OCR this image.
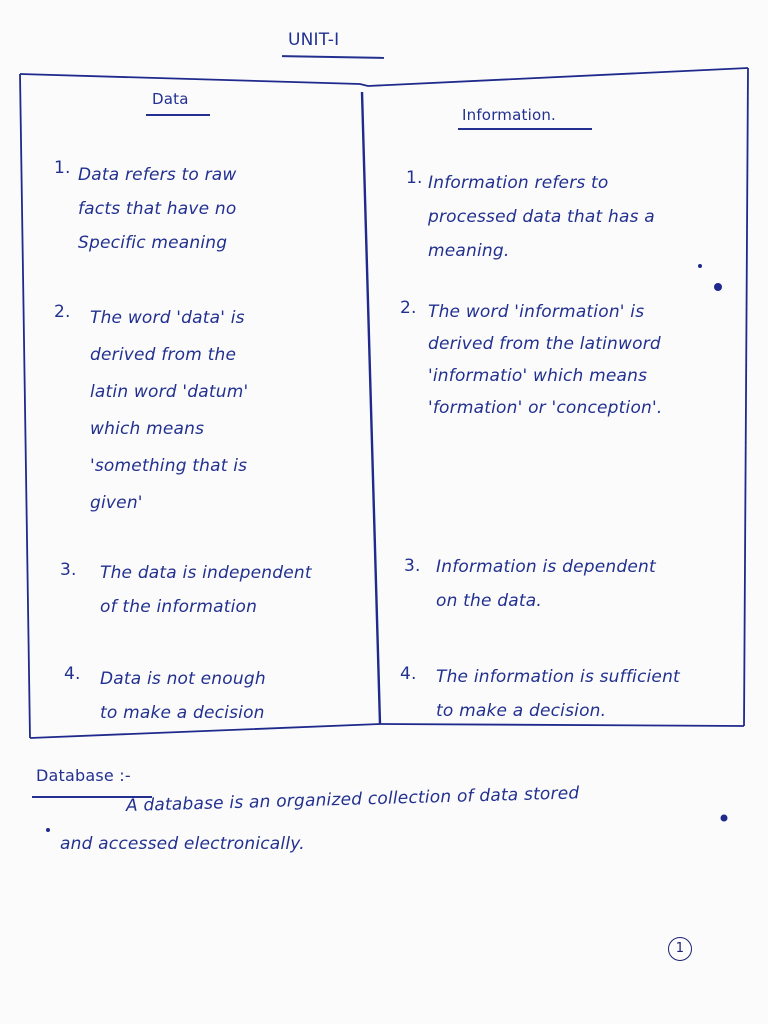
UNIT-I
Data
Information.
1. Data refers to raw
facts that have no
Specific meaning
1. Information refers to
processed data that has a
meaning.
2. The word 'data' is
derived from the
latin word 'datum'
which means
'something that is
given'
2. The word 'information' is
derived from the latinword
'informatio' which means
'formation' or 'conception'.
3. The data is independent
of the information
3. Information is dependent
on the data.
4. Data is not enough
to make a decision
4. The information is sufficient
to make a decision.
Database :-
A database is an organized collection of data stored
and accessed electronically.
1
